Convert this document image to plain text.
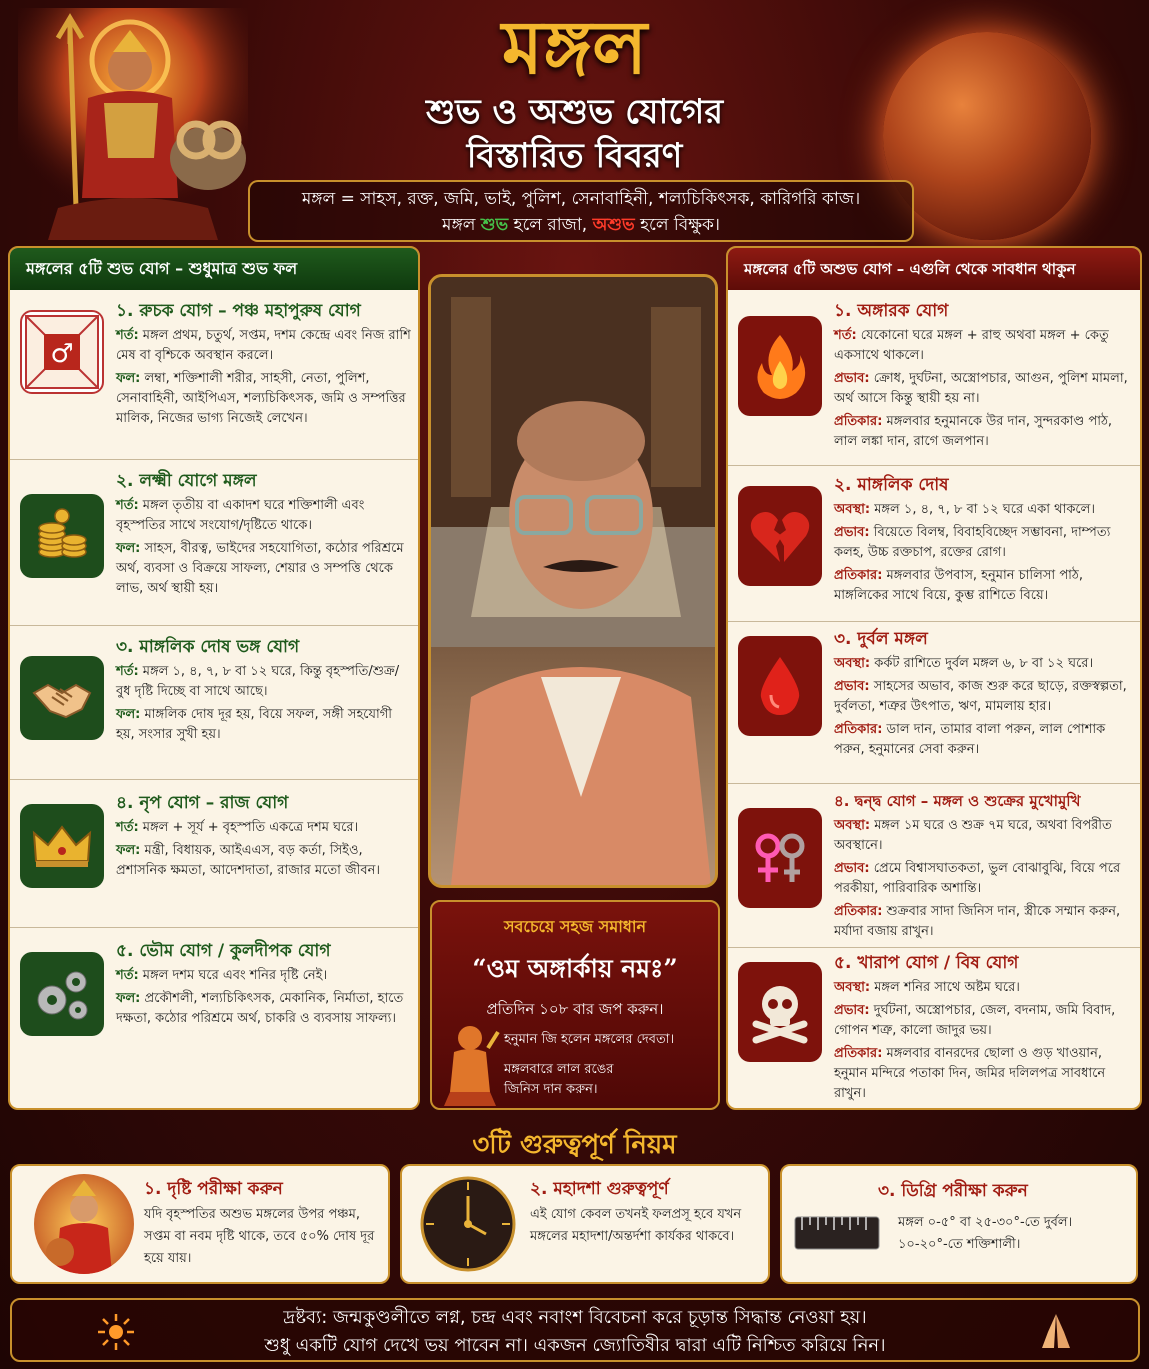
মঙ্গল
শুভ ও অশুভ যোগের
বিস্তারিত বিবরণ
মঙ্গল = সাহস, রক্ত, জমি, ভাই, পুলিশ, সেনাবাহিনী, শল্যচিকিৎসক, কারিগরি কাজ।
মঙ্গল শুভ হলে রাজা, অশুভ হলে বিক্ষুক।
মঙ্গলের ৫টি শুভ যোগ – শুধুমাত্র শুভ ফল
♂
১. রুচক যোগ – পঞ্চ মহাপুরুষ যোগ

শর্ত: মঙ্গল প্রথম, চতুর্থ, সপ্তম, দশম কেন্দ্রে এবং নিজ রাশি মেষ বা বৃশ্চিকে অবস্থান করলে।

ফল: লম্বা, শক্তিশালী শরীর, সাহসী, নেতা, পুলিশ, সেনাবাহিনী, আইপিএস, শল্যচিকিৎসক, জমি ও সম্পত্তির মালিক, নিজের ভাগ্য নিজেই লেখেন।

২. লক্ষ্মী যোগে মঙ্গল

শর্ত: মঙ্গল তৃতীয় বা একাদশ ঘরে শক্তিশালী এবং বৃহস্পতির সাথে সংযোগ/দৃষ্টিতে থাকে।

ফল: সাহস, বীরত্ব, ভাইদের সহযোগিতা, কঠোর পরিশ্রমে অর্থ, ব্যবসা ও বিক্রয়ে সাফল্য, শেয়ার ও সম্পত্তি থেকে লাভ, অর্থ স্থায়ী হয়।

৩. মাঙ্গলিক দোষ ভঙ্গ যোগ

শর্ত: মঙ্গল ১, ৪, ৭, ৮ বা ১২ ঘরে, কিন্তু বৃহস্পতি/শুক্র/বুধ দৃষ্টি দিচ্ছে বা সাথে আছে।

ফল: মাঙ্গলিক দোষ দূর হয়, বিয়ে সফল, সঙ্গী সহযোগী হয়, সংসার সুখী হয়।

৪. নৃপ যোগ – রাজ যোগ

শর্ত: মঙ্গল + সূর্য + বৃহস্পতি একত্রে দশম ঘরে।

ফল: মন্ত্রী, বিধায়ক, আইএএস, বড় কর্তা, সিইও, প্রশাসনিক ক্ষমতা, আদেশদাতা, রাজার মতো জীবন।

৫. ভৌম যোগ / কুলদীপক যোগ

শর্ত: মঙ্গল দশম ঘরে এবং শনির দৃষ্টি নেই।

ফল: প্রকৌশলী, শল্যচিকিৎসক, মেকানিক, নির্মাতা, হাতে দক্ষতা, কঠোর পরিশ্রমে অর্থ, চাকরি ও ব্যবসায় সাফল্য।

সবচেয়ে সহজ সমাধান
“ওম অঙ্গার্কায় নমঃ”
প্রতিদিন ১০৮ বার জপ করুন।
হনুমান জি হলেন মঙ্গলের দেবতা।
মঙ্গলবারে লাল রঙের জিনিস দান করুন।
মঙ্গলের ৫টি অশুভ যোগ – এগুলি থেকে সাবধান থাকুন
১. অঙ্গারক যোগ

শর্ত: যেকোনো ঘরে মঙ্গল + রাহু অথবা মঙ্গল + কেতু একসাথে থাকলে।

প্রভাব: ক্রোধ, দুর্ঘটনা, অস্ত্রোপচার, আগুন, পুলিশ মামলা, অর্থ আসে কিন্তু স্থায়ী হয় না।

প্রতিকার: মঙ্গলবার হনুমানকে উর দান, সুন্দরকাণ্ড পাঠ, লাল লঙ্কা দান, রাগে জলপান।

২. মাঙ্গলিক দোষ

অবস্থা: মঙ্গল ১, ৪, ৭, ৮ বা ১২ ঘরে একা থাকলে।

প্রভাব: বিয়েতে বিলম্ব, বিবাহবিচ্ছেদ সম্ভাবনা, দাম্পত্য কলহ, উচ্চ রক্তচাপ, রক্তের রোগ।

প্রতিকার: মঙ্গলবার উপবাস, হনুমান চালিসা পাঠ, মাঙ্গলিকের সাথে বিয়ে, কুম্ভ রাশিতে বিয়ে।

৩. দুর্বল মঙ্গল

অবস্থা: কর্কট রাশিতে দুর্বল মঙ্গল ৬, ৮ বা ১২ ঘরে।

প্রভাব: সাহসের অভাব, কাজ শুরু করে ছাড়ে, রক্তস্বল্পতা, দুর্বলতা, শত্রুর উৎপাত, ঋণ, মামলায় হার।

প্রতিকার: ডাল দান, তামার বালা পরুন, লাল পোশাক পরুন, হনুমানের সেবা করুন।

৪. দ্বন্দ্ব যোগ – মঙ্গল ও শুক্রের মুখোমুখি

অবস্থা: মঙ্গল ১ম ঘরে ও শুক্র ৭ম ঘরে, অথবা বিপরীত অবস্থানে।

প্রভাব: প্রেমে বিশ্বাসঘাতকতা, ভুল বোঝাবুঝি, বিয়ে পরে পরকীয়া, পারিবারিক অশান্তি।

প্রতিকার: শুক্রবার সাদা জিনিস দান, স্ত্রীকে সম্মান করুন, মর্যাদা বজায় রাখুন।

৫. খারাপ যোগ / বিষ যোগ

অবস্থা: মঙ্গল শনির সাথে অষ্টম ঘরে।

প্রভাব: দুর্ঘটনা, অস্ত্রোপচার, জেল, বদনাম, জমি বিবাদ, গোপন শত্রু, কালো জাদুর ভয়।

প্রতিকার: মঙ্গলবার বানরদের ছোলা ও গুড় খাওয়ান, হনুমান মন্দিরে পতাকা দিন, জমির দলিলপত্র সাবধানে রাখুন।

৩টি গুরুত্বপূর্ণ নিয়ম
১. দৃষ্টি পরীক্ষা করুন
যদি বৃহস্পতির অশুভ মঙ্গলের উপর পঞ্চম, সপ্তম বা নবম দৃষ্টি থাকে, তবে ৫০% দোষ দূর হয়ে যায়।
২. মহাদশা গুরুত্বপূর্ণ
এই যোগ কেবল তখনই ফলপ্রসূ হবে যখন মঙ্গলের মহাদশা/অন্তর্দশা কার্যকর থাকবে।
৩. ডিগ্রি পরীক্ষা করুন
মঙ্গল ০-৫° বা ২৫-৩০°-তে দুর্বল। ১০-২০°-তে শক্তিশালী।
দ্রষ্টব্য: জন্মকুণ্ডলীতে লগ্ন, চন্দ্র এবং নবাংশ বিবেচনা করে চূড়ান্ত সিদ্ধান্ত নেওয়া হয়।
শুধু একটি যোগ দেখে ভয় পাবেন না। একজন জ্যোতিষীর দ্বারা এটি নিশ্চিত করিয়ে নিন।
